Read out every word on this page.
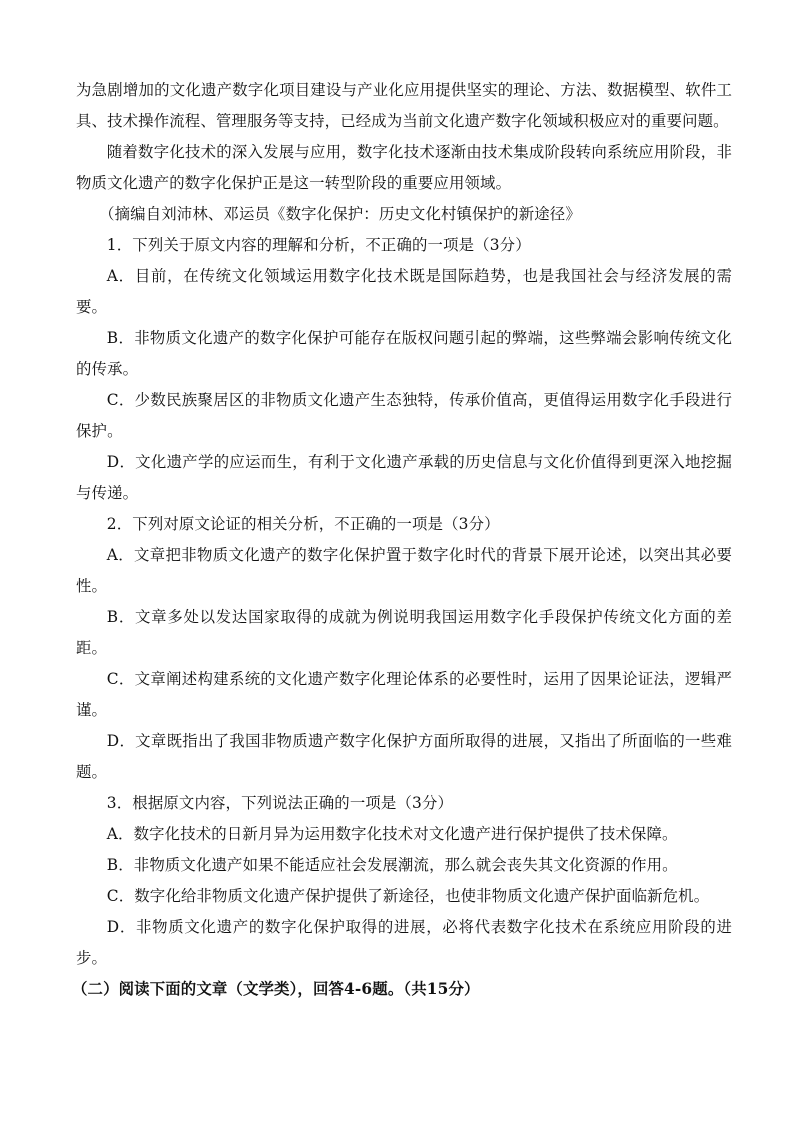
为急剧增加的文化遗产数字化项目建设与产业化应用提供坚实的理论、方法、数据模型、软件工具、技术操作流程、管理服务等支持，已经成为当前文化遗产数字化领域积极应对的重要问题。

随着数字化技术的深入发展与应用，数字化技术逐渐由技术集成阶段转向系统应用阶段，非物质文化遗产的数字化保护正是这一转型阶段的重要应用领域。

（摘编自刘沛林、邓运员《数字化保护：历史文化村镇保护的新途径》

1．下列关于原文内容的理解和分析，不正确的一项是（3分）

A．目前，在传统文化领域运用数字化技术既是国际趋势，也是我国社会与经济发展的需要。

B．非物质文化遗产的数字化保护可能存在版权问题引起的弊端，这些弊端会影响传统文化的传承。

C．少数民族聚居区的非物质文化遗产生态独特，传承价值高，更值得运用数字化手段进行保护。

D．文化遗产学的应运而生，有利于文化遗产承载的历史信息与文化价值得到更深入地挖掘与传递。

2．下列对原文论证的相关分析，不正确的一项是（3分）

A．文章把非物质文化遗产的数字化保护置于数字化时代的背景下展开论述，以突出其必要性。

B．文章多处以发达国家取得的成就为例说明我国运用数字化手段保护传统文化方面的差距。

C．文章阐述构建系统的文化遗产数字化理论体系的必要性时，运用了因果论证法，逻辑严谨。

D．文章既指出了我国非物质遗产数字化保护方面所取得的进展，又指出了所面临的一些难题。

3．根据原文内容，下列说法正确的一项是（3分）

A．数字化技术的日新月异为运用数字化技术对文化遗产进行保护提供了技术保障。

B．非物质文化遗产如果不能适应社会发展潮流，那么就会丧失其文化资源的作用。

C．数字化给非物质文化遗产保护提供了新途径，也使非物质文化遗产保护面临新危机。

D．非物质文化遗产的数字化保护取得的进展，必将代表数字化技术在系统应用阶段的进步。

（二）阅读下面的文章（文学类），回答4-6题。（共15分）
